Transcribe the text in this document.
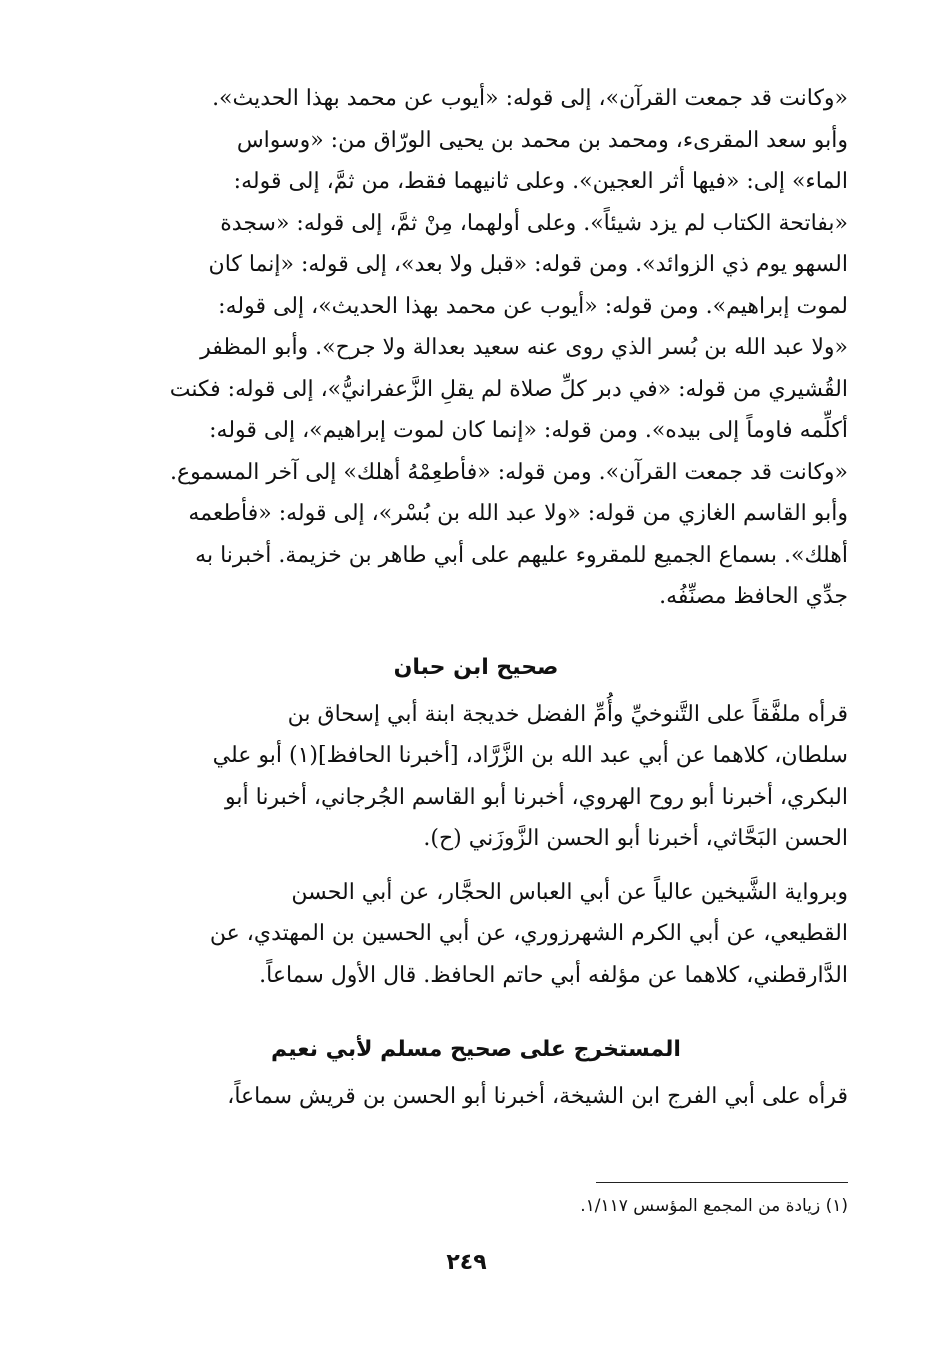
«وكانت قد جمعت القرآن»، إلى قوله: «أيوب عن محمد بهذا الحديث».
وأبو سعد المقرىء، ومحمد بن محمد بن يحيى الورّاق من: «وسواس
الماء» إلى: «فيها أثر العجين». وعلى ثانيهما فقط، من ثمَّ، إلى قوله:
«بفاتحة الكتاب لم يزد شيئاً». وعلى أولهما، مِنْ ثمَّ، إلى قوله: «سجدة
السهو يوم ذي الزوائد». ومن قوله: «قبل ولا بعد»، إلى قوله: «إنما كان
لموت إبراهيم». ومن قوله: «أيوب عن محمد بهذا الحديث»، إلى قوله:
«ولا عبد الله بن بُسر الذي روى عنه سعيد بعدالة ولا جرح». وأبو المظفر
القُشيري من قوله: «في دبر كلِّ صلاة لم يقلِ الزَّعفرانيُّ»، إلى قوله: فكنت
أكلِّمه فاوماً إلى بيده». ومن قوله: «إنما كان لموت إبراهيم»، إلى قوله:
«وكانت قد جمعت القرآن». ومن قوله: «فأطعِمْهُ أهلك» إلى آخر المسموع.
وأبو القاسم الغازي من قوله: «ولا عبد الله بن بُسْر»، إلى قوله: «فأطعمه
أهلك». بسماع الجميع للمقروء عليهم على أبي طاهر بن خزيمة. أخبرنا به
جدِّي الحافظ مصنِّفُه.

صحيح ابن حبان

قرأه ملفَّقاً على التَّنوخيِّ وأُمِّ الفضل خديجة ابنة أبي إسحاق بن
سلطان، كلاهما عن أبي عبد الله بن الزَّرَّاد، [أخبرنا الحافظ](١) أبو علي
البكري، أخبرنا أبو روح الهروي، أخبرنا أبو القاسم الجُرجاني، أخبرنا أبو
الحسن البَحَّاثي، أخبرنا أبو الحسن الزَّوزَني (ح).

وبرواية الشَّيخين عالياً عن أبي العباس الحجَّار، عن أبي الحسن
القطيعي، عن أبي الكرم الشهرزوري، عن أبي الحسين بن المهتدي، عن
الدَّارقطني، كلاهما عن مؤلفه أبي حاتم الحافظ. قال الأول سماعاً.

المستخرج على صحيح مسلم لأبي نعيم

قرأه على أبي الفرج ابن الشيخة، أخبرنا أبو الحسن بن قريش سماعاً،

(١) زيادة من المجمع المؤسس ١/١١٧.
٢٤٩
